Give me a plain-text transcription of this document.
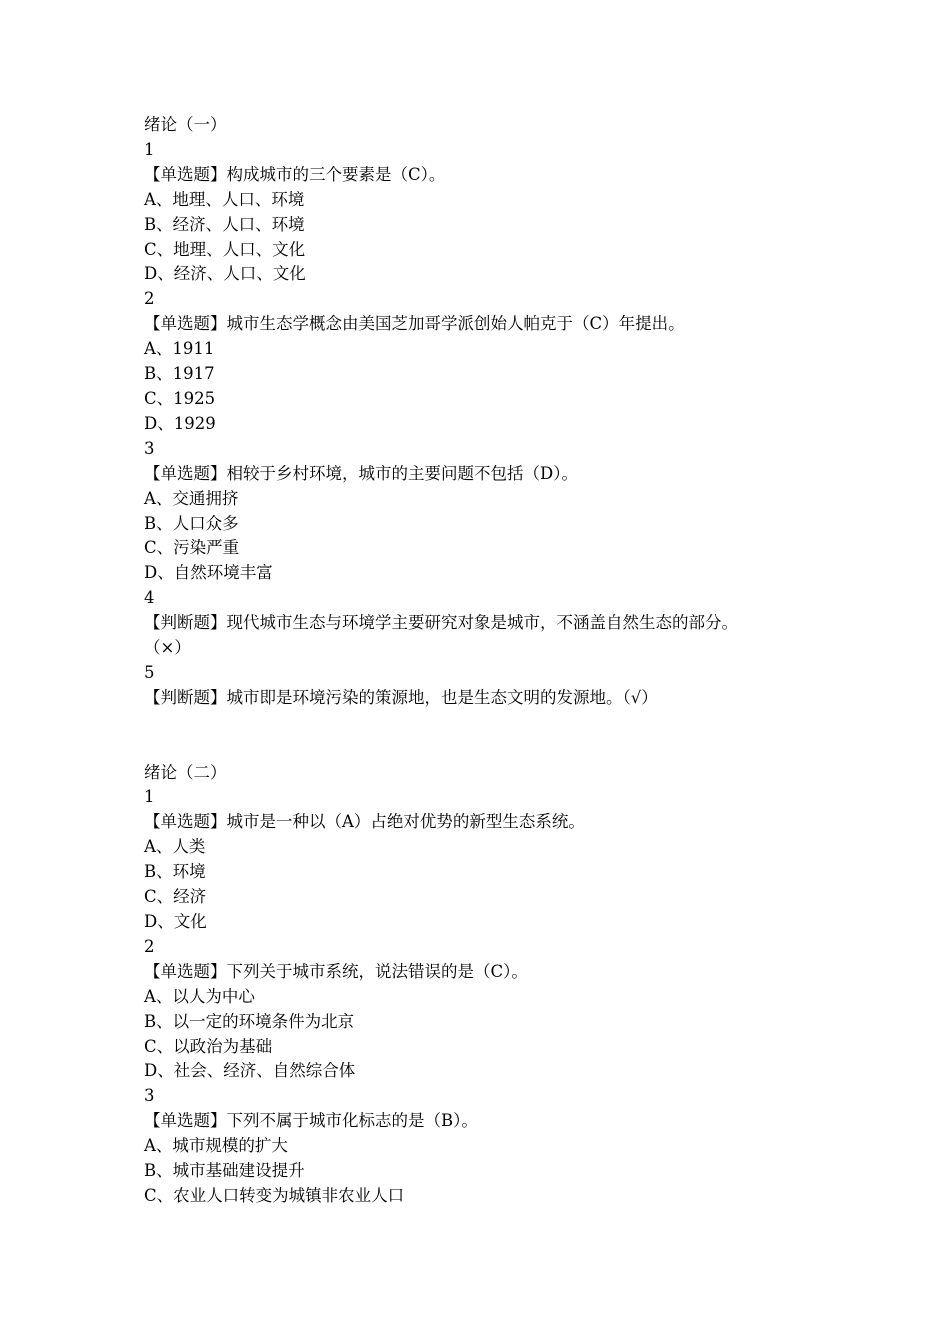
绪论（一）
1
【单选题】构成城市的三个要素是（C）。
A、地理、人口、环境
B、经济、人口、环境
C、地理、人口、文化
D、经济、人口、文化
2
【单选题】城市生态学概念由美国芝加哥学派创始人帕克于（C）年提出。
A、1911
B、1917
C、1925
D、1929
3
【单选题】相较于乡村环境，城市的主要问题不包括（D）。
A、交通拥挤
B、人口众多
C、污染严重
D、自然环境丰富
4
【判断题】现代城市生态与环境学主要研究对象是城市，不涵盖自然生态的部分。
（×）
5
【判断题】城市即是环境污染的策源地，也是生态文明的发源地。（√）
绪论（二）
1
【单选题】城市是一种以（A）占绝对优势的新型生态系统。
A、人类
B、环境
C、经济
D、文化
2
【单选题】下列关于城市系统，说法错误的是（C）。
A、以人为中心
B、以一定的环境条件为北京
C、以政治为基础
D、社会、经济、自然综合体
3
【单选题】下列不属于城市化标志的是（B）。
A、城市规模的扩大
B、城市基础建设提升
C、农业人口转变为城镇非农业人口
